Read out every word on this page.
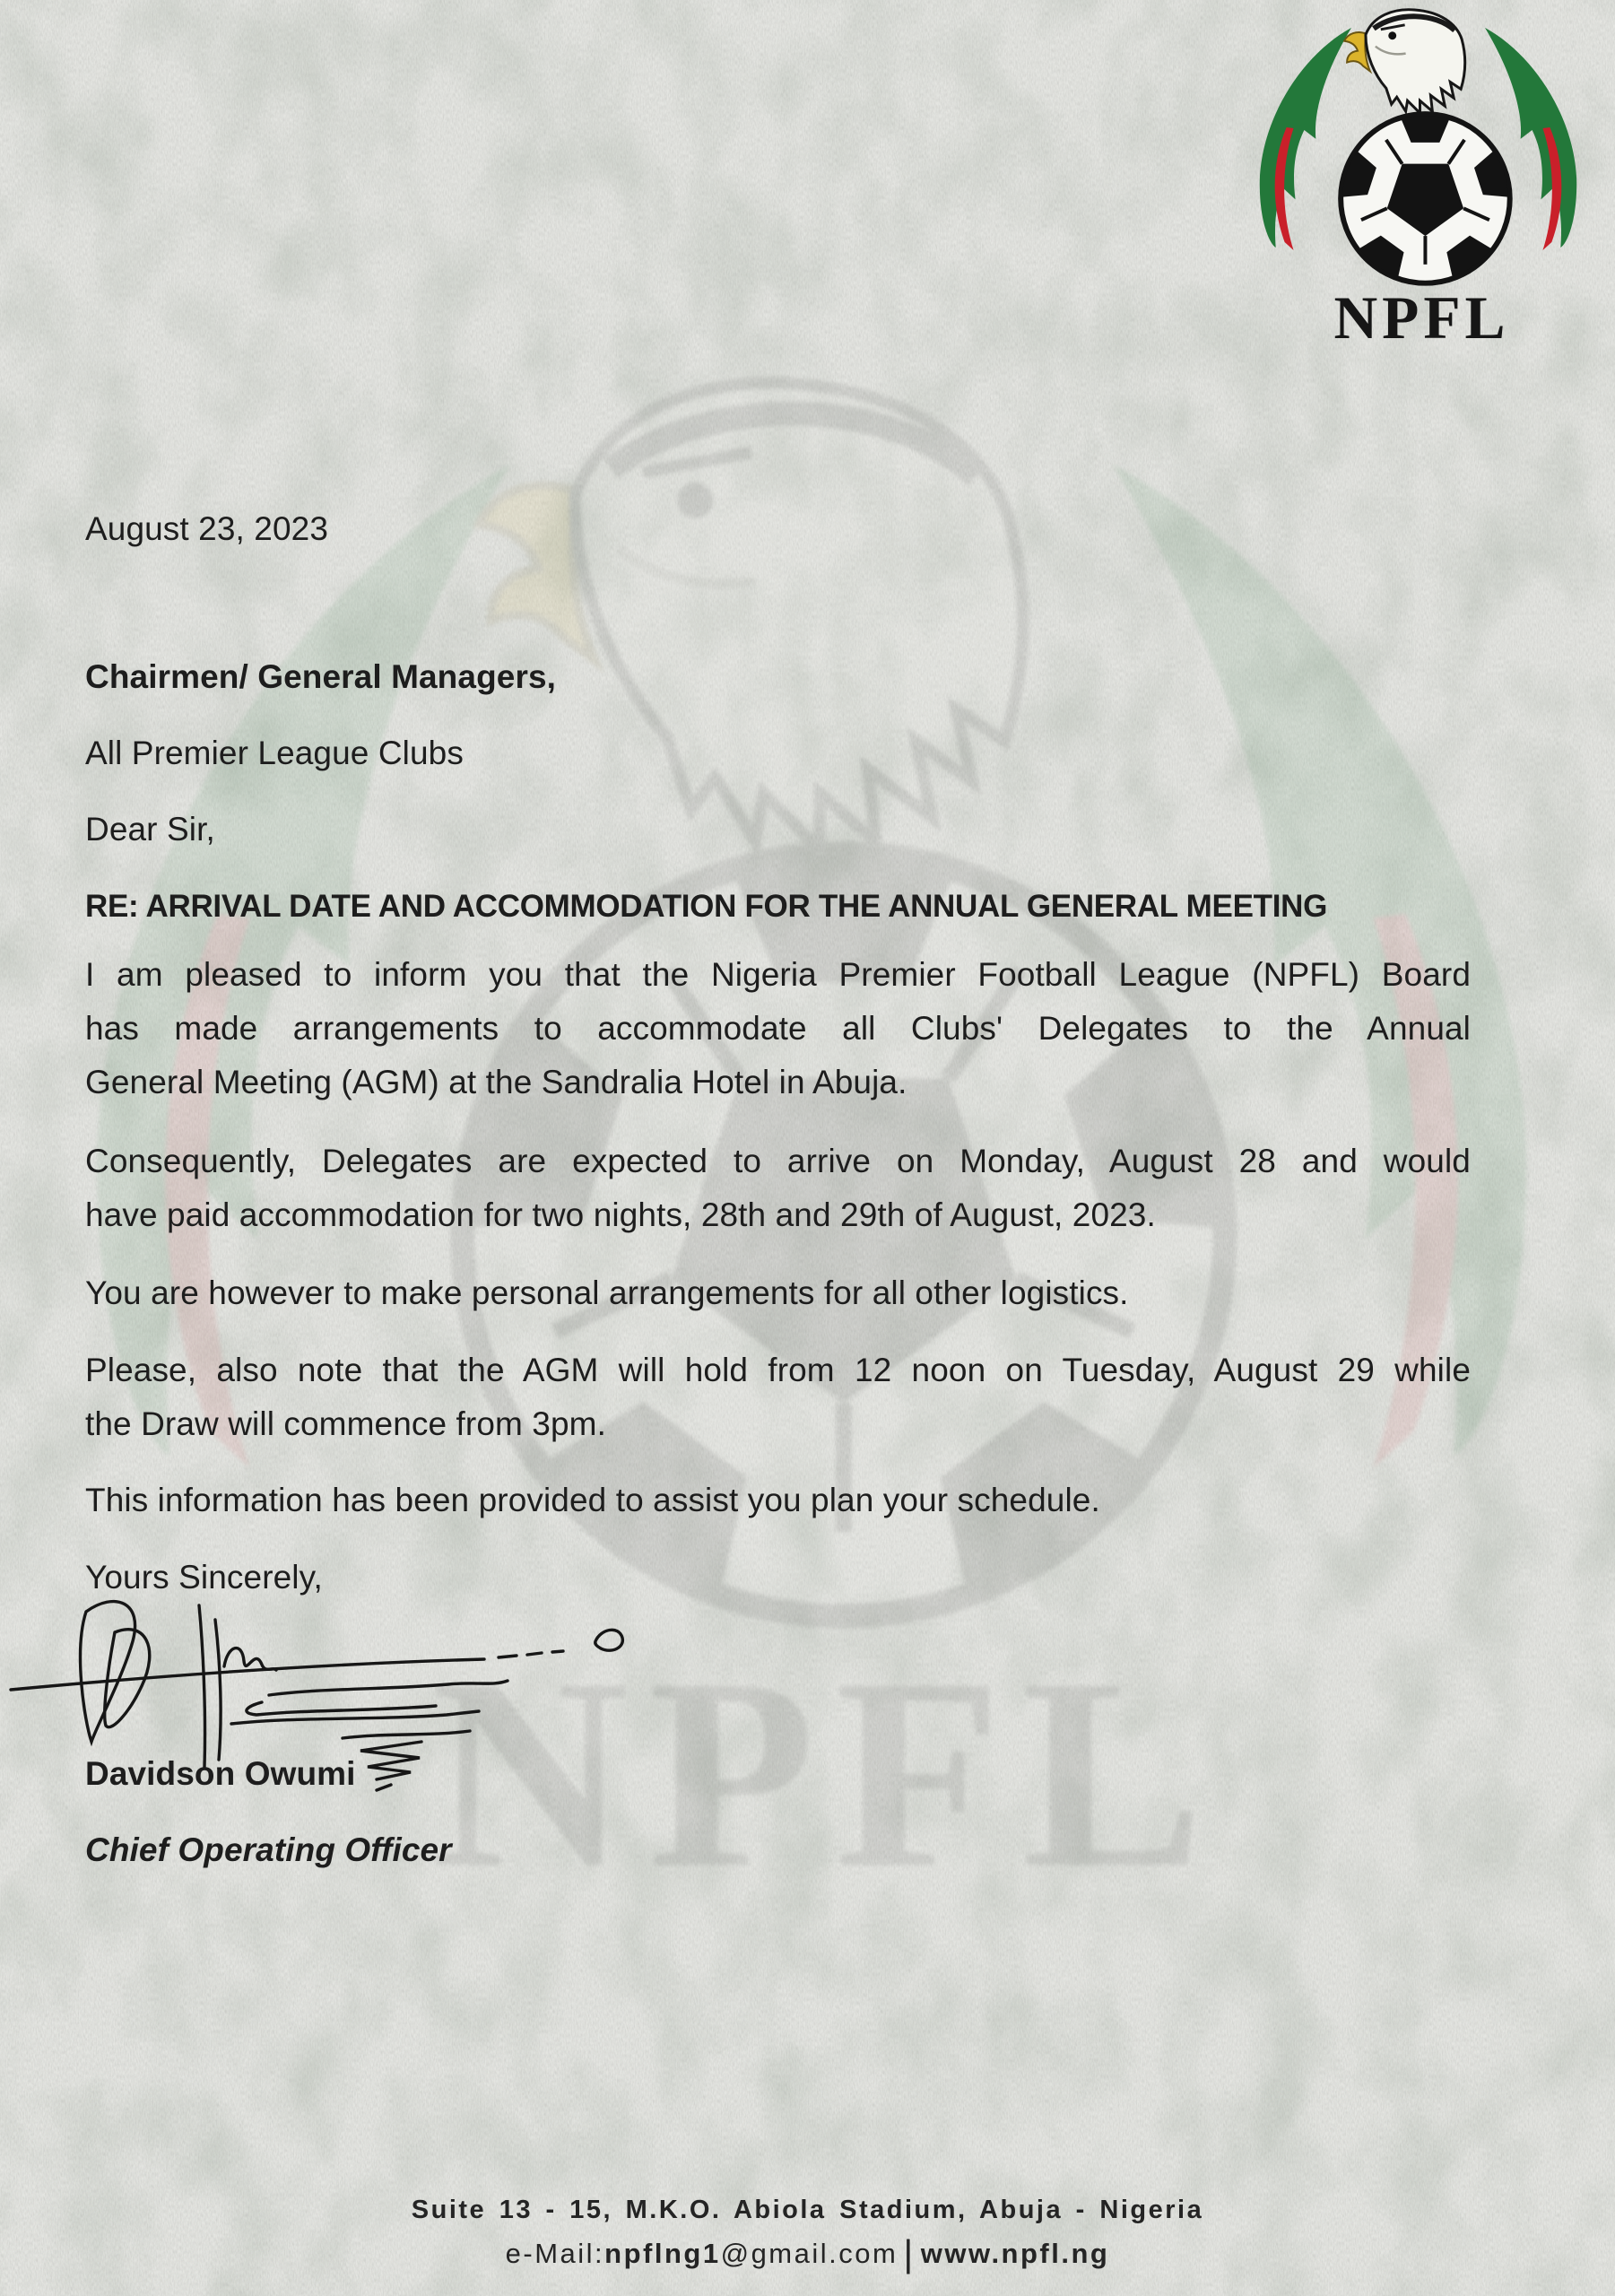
August 23, 2023
Chairmen/ General Managers,
All Premier League Clubs
Dear Sir,
RE: ARRIVAL DATE AND ACCOMMODATION FOR THE ANNUAL GENERAL MEETING
I am pleased to inform you that the Nigeria Premier Football League (NPFL) Board
has made arrangements to accommodate all Clubs' Delegates to the Annual
General Meeting (AGM) at the Sandralia Hotel in Abuja.
Consequently, Delegates are expected to arrive on Monday, August 28 and would
have paid accommodation for two nights, 28th and 29th of August, 2023.
You are however to make personal arrangements for all other logistics.
Please, also note that the AGM will hold from 12 noon on Tuesday, August 29 while
the Draw will commence from 3pm.
This information has been provided to assist you plan your schedule.
Yours Sincerely,
Davidson Owumi
Chief Operating Officer
Suite 13 - 15, M.K.O. Abiola Stadium, Abuja - Nigeria
e-Mail:npflng1@gmail.com | www.npfl.ng
